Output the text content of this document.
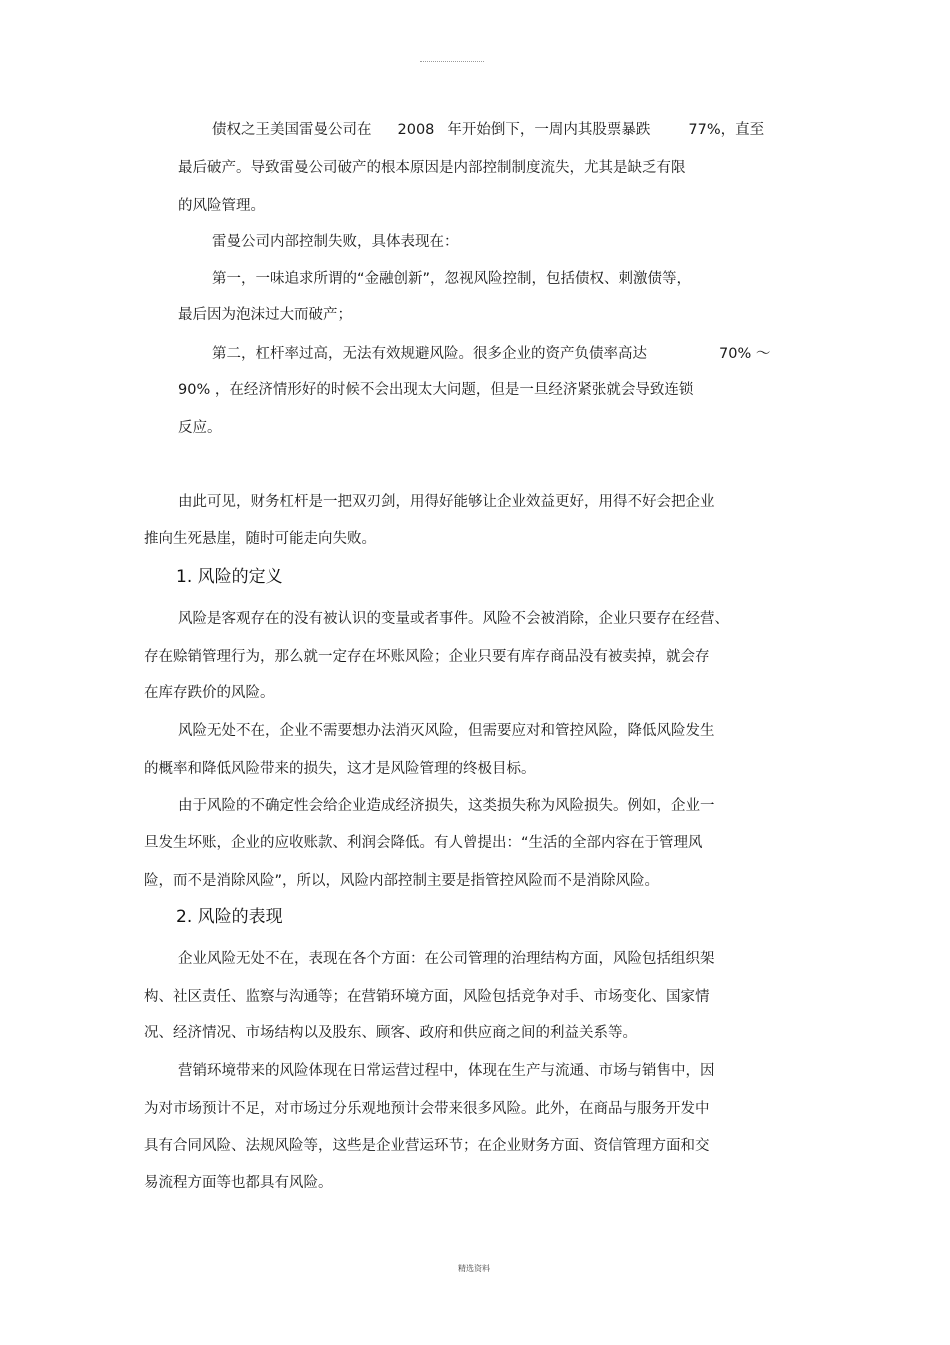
债权之王美国雷曼公司在 2008 年开始倒下，一周内其股票暴跌	77%，直至
最后破产。导致雷曼公司破产的根本原因是内部控制制度流失，尤其是缺乏有限
的风险管理。
雷曼公司内部控制失败，具体表现在：
第一，一味追求所谓的“金融创新”，忽视风险控制，包括债权、刺激债等，
最后因为泡沫过大而破产；
第二，杠杆率过高，无法有效规避风险。很多企业的资产负债率高达	70% ～
90% ，在经济情形好的时候不会出现太大问题，但是一旦经济紧张就会导致连锁
反应。
由此可见，财务杠杆是一把双刃剑，用得好能够让企业效益更好，用得不好会把企业
推向生死悬崖，随时可能走向失败。
1. 风险的定义
风险是客观存在的没有被认识的变量或者事件。风险不会被消除，企业只要存在经营、
存在赊销管理行为，那么就一定存在坏账风险；企业只要有库存商品没有被卖掉，就会存
在库存跌价的风险。
风险无处不在，企业不需要想办法消灭风险，但需要应对和管控风险，降低风险发生
的概率和降低风险带来的损失，这才是风险管理的终极目标。
由于风险的不确定性会给企业造成经济损失，这类损失称为风险损失。例如，企业一
旦发生坏账，企业的应收账款、利润会降低。有人曾提出：“生活的全部内容在于管理风
险，而不是消除风险”，所以，风险内部控制主要是指管控风险而不是消除风险。
2. 风险的表现
企业风险无处不在，表现在各个方面：在公司管理的治理结构方面，风险包括组织架
构、社区责任、监察与沟通等；在营销环境方面，风险包括竞争对手、市场变化、国家情
况、经济情况、市场结构以及股东、顾客、政府和供应商之间的利益关系等。
营销环境带来的风险体现在日常运营过程中，体现在生产与流通、市场与销售中，因
为对市场预计不足，对市场过分乐观地预计会带来很多风险。此外，在商品与服务开发中
具有合同风险、法规风险等，这些是企业营运环节；在企业财务方面、资信管理方面和交
易流程方面等也都具有风险。
精选资料
